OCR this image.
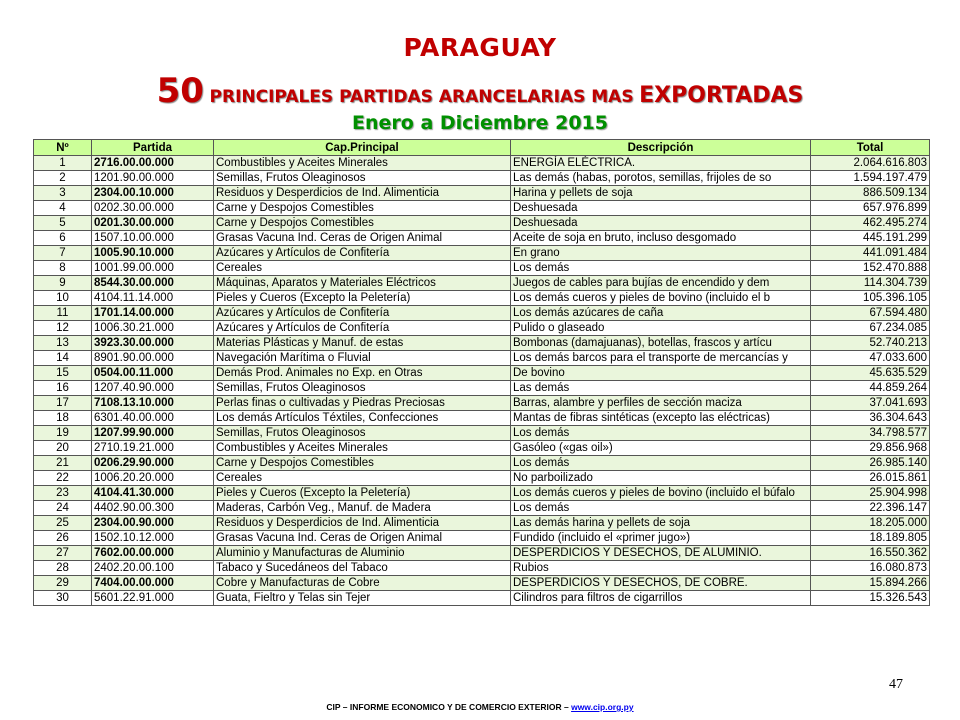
PARAGUAY
50 PRINCIPALES PARTIDAS ARANCELARIAS MAS EXPORTADAS
Enero a Diciembre 2015
Nº	Partida	Cap.Principal	Descripción	Total
1	2716.00.00.000	Combustibles y Aceites Minerales	ENERGÍA ELÉCTRICA.	2.064.616.803
2	1201.90.00.000	Semillas, Frutos Oleaginosos	Las demás (habas, porotos, semillas, frijoles de so	1.594.197.479
3	2304.00.10.000	Residuos y Desperdicios de Ind. Alimenticia	Harina y pellets de soja	886.509.134
4	0202.30.00.000	Carne y Despojos Comestibles	Deshuesada	657.976.899
5	0201.30.00.000	Carne y Despojos Comestibles	Deshuesada	462.495.274
6	1507.10.00.000	Grasas Vacuna Ind. Ceras de Origen Animal	Aceite de soja en bruto, incluso desgomado	445.191.299
7	1005.90.10.000	Azúcares y Artículos de Confitería	En grano	441.091.484
8	1001.99.00.000	Cereales	Los demás	152.470.888
9	8544.30.00.000	Máquinas, Aparatos y Materiales Eléctricos	Juegos de cables para bujías de encendido y dem	114.304.739
10	4104.11.14.000	Pieles y Cueros (Excepto la Peletería)	Los demás cueros y pieles de bovino (incluido el b	105.396.105
11	1701.14.00.000	Azúcares y Artículos de Confitería	Los demás azúcares de caña	67.594.480
12	1006.30.21.000	Azúcares y Artículos de Confitería	Pulido o glaseado	67.234.085
13	3923.30.00.000	Materias Plásticas y Manuf. de estas	Bombonas (damajuanas), botellas, frascos y artícu	52.740.213
14	8901.90.00.000	Navegación Marítima o Fluvial	Los demás barcos para el transporte de mercancías y	47.033.600
15	0504.00.11.000	Demás Prod. Animales no Exp. en Otras	De bovino	45.635.529
16	1207.40.90.000	Semillas, Frutos Oleaginosos	Las demás	44.859.264
17	7108.13.10.000	Perlas finas o cultivadas y Piedras Preciosas	Barras, alambre y perfiles de sección maciza	37.041.693
18	6301.40.00.000	Los demás Artículos Téxtiles, Confecciones	Mantas de fibras sintéticas (excepto las eléctricas)	36.304.643
19	1207.99.90.000	Semillas, Frutos Oleaginosos	Los demás	34.798.577
20	2710.19.21.000	Combustibles y Aceites Minerales	Gasóleo («gas oil»)	29.856.968
21	0206.29.90.000	Carne y Despojos Comestibles	Los demás	26.985.140
22	1006.20.20.000	Cereales	No parboilizado	26.015.861
23	4104.41.30.000	Pieles y Cueros (Excepto la Peletería)	Los demás cueros y pieles de bovino (incluido el búfalo	25.904.998
24	4402.90.00.300	Maderas, Carbón Veg., Manuf. de Madera	Los demás	22.396.147
25	2304.00.90.000	Residuos y Desperdicios de Ind. Alimenticia	Las demás harina y pellets de soja	18.205.000
26	1502.10.12.000	Grasas Vacuna Ind. Ceras de Origen Animal	Fundido (incluido el «primer jugo»)	18.189.805
27	7602.00.00.000	Aluminio y Manufacturas de Aluminio	DESPERDICIOS Y DESECHOS, DE ALUMINIO.	16.550.362
28	2402.20.00.100	Tabaco y Sucedáneos del Tabaco	Rubios	16.080.873
29	7404.00.00.000	Cobre y Manufacturas de Cobre	DESPERDICIOS Y DESECHOS, DE COBRE.	15.894.266
30	5601.22.91.000	Guata, Fieltro y Telas sin Tejer	Cilindros para filtros de cigarrillos	15.326.543
47
CIP – INFORME ECONOMICO Y DE COMERCIO EXTERIOR – www.cip.org.py
